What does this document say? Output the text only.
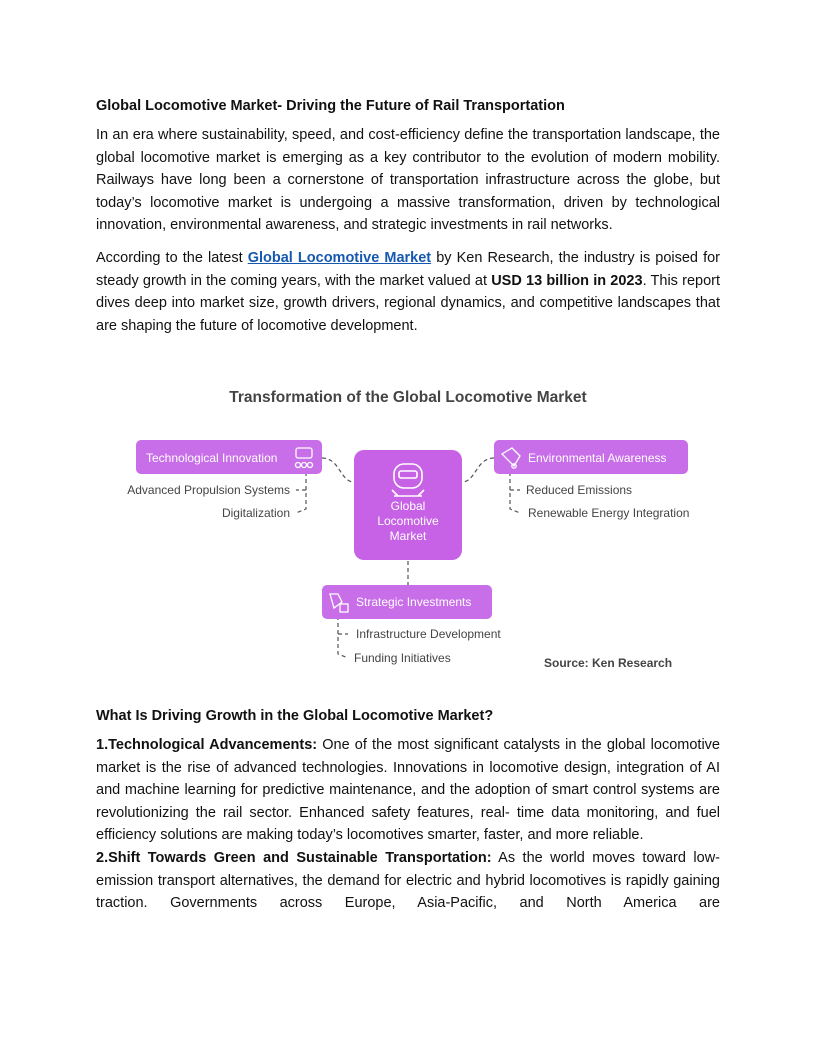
Global Locomotive Market- Driving the Future of Rail Transportation

In an era where sustainability, speed, and cost-efficiency define the transportation landscape, the global locomotive market is emerging as a key contributor to the evolution of modern mobility. Railways have long been a cornerstone of transportation infrastructure across the globe, but today’s locomotive market is undergoing a massive transformation, driven by technological innovation, environmental awareness, and strategic investments in rail networks.

According to the latest Global Locomotive Market by Ken Research, the industry is poised for steady growth in the coming years, with the market valued at USD 13 billion in 2023. This report dives deep into market size, growth drivers, regional dynamics, and competitive landscapes that are shaping the future of locomotive development.

Transformation of the Global Locomotive Market
Global
Locomotive
Market
Technological Innovation
Advanced Propulsion Systems
Digitalization
Environmental Awareness
Reduced Emissions
Renewable Energy Integration
Strategic Investments
Infrastructure Development
Funding Initiatives	Source: Ken Research
What Is Driving Growth in the Global Locomotive Market?

1.Technological Advancements: One of the most significant catalysts in the global locomotive market is the rise of advanced technologies. Innovations in locomotive design, integration of AI and machine learning for predictive maintenance, and the adoption of smart control systems are revolutionizing the rail sector. Enhanced safety features, real- time data monitoring, and fuel efficiency solutions are making today’s locomotives smarter, faster, and more reliable.

2.Shift Towards Green and Sustainable Transportation: As the world moves toward low-emission transport alternatives, the demand for electric and hybrid locomotives is rapidly gaining traction. Governments across Europe, Asia-Pacific, and North America are
